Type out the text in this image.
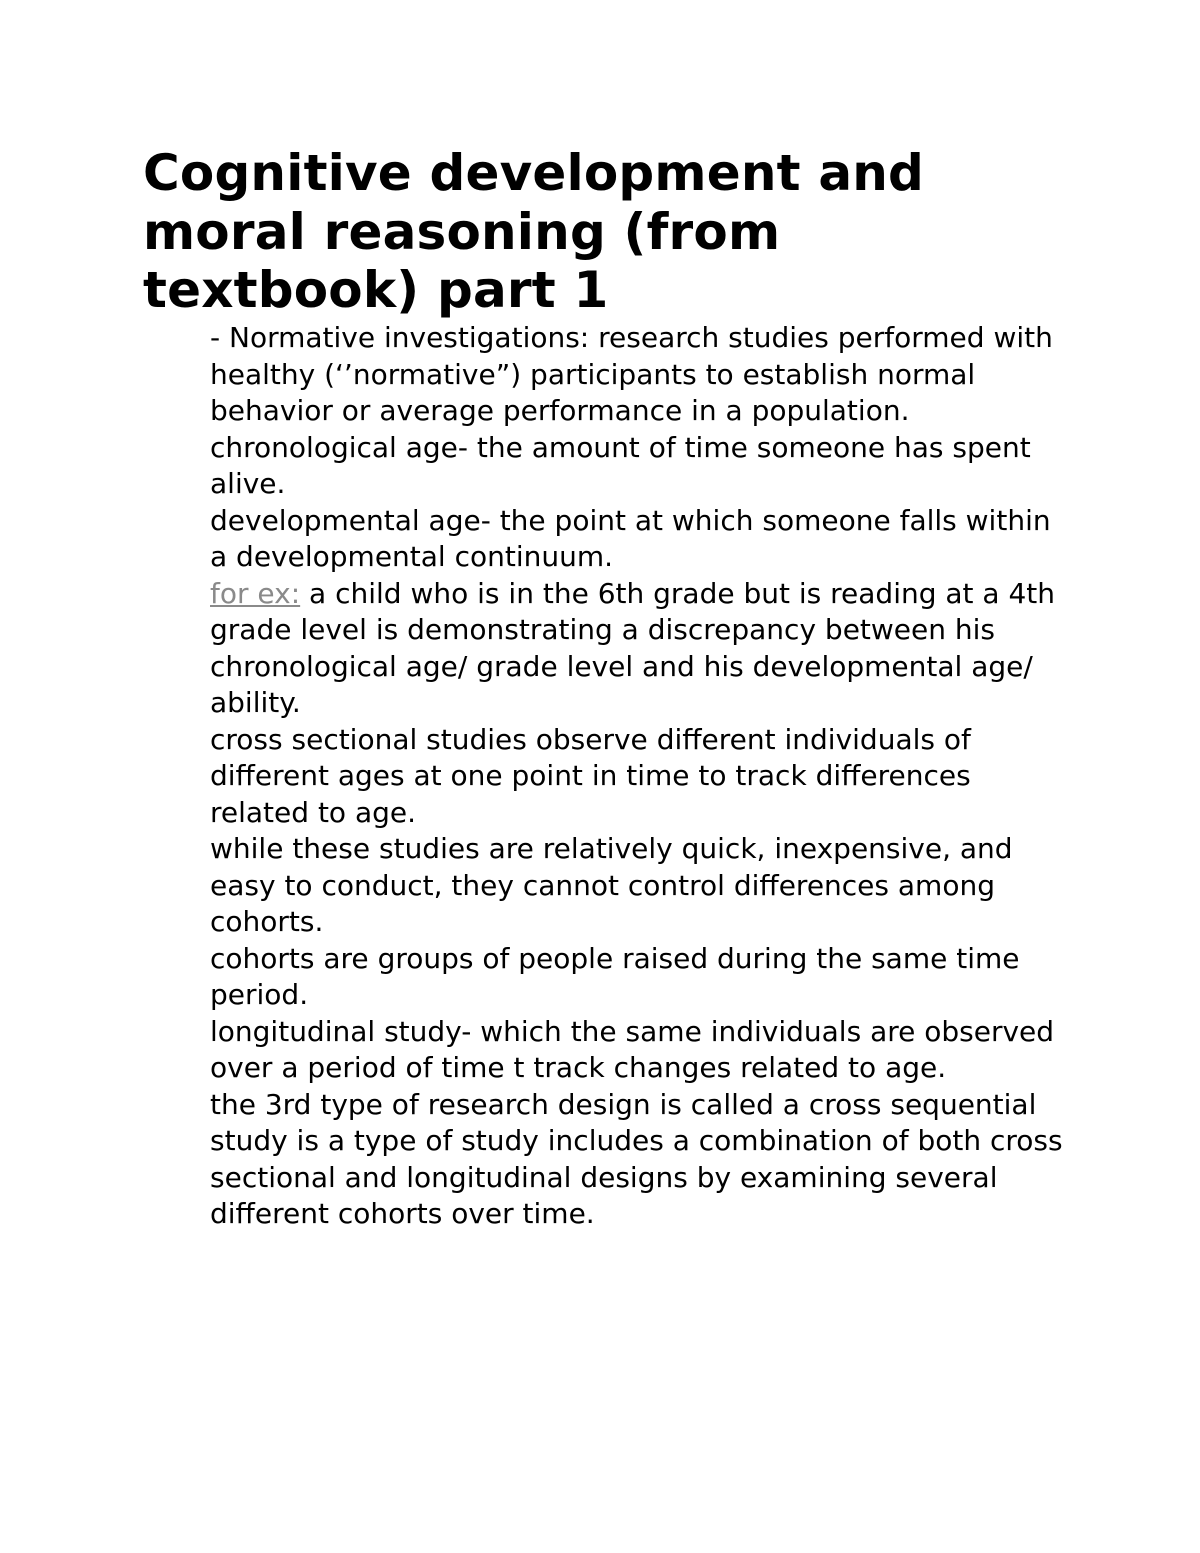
Cognitive development and moral reasoning (from textbook) part 1

- Normative investigations: research studies performed with healthy (‘’normative”) participants to establish normal behavior or average performance in a population.

chronological age- the amount of time someone has spent alive.

developmental age- the point at which someone falls within a developmental continuum.

for ex: a child who is in the 6th grade but is reading at a 4th grade level is demonstrating a discrepancy between his chronological age/ grade level and his developmental age/ ability.

cross sectional studies observe different individuals of different ages at one point in time to track differences related to age.

while these studies are relatively quick, inexpensive, and easy to conduct, they cannot control differences among cohorts.

cohorts are groups of people raised during the same time period.

longitudinal study- which the same individuals are observed over a period of time t track changes related to age.

the 3rd type of research design is called a cross sequential study is a type of study includes a combination of both cross sectional and longitudinal designs by examining several different cohorts over time.
